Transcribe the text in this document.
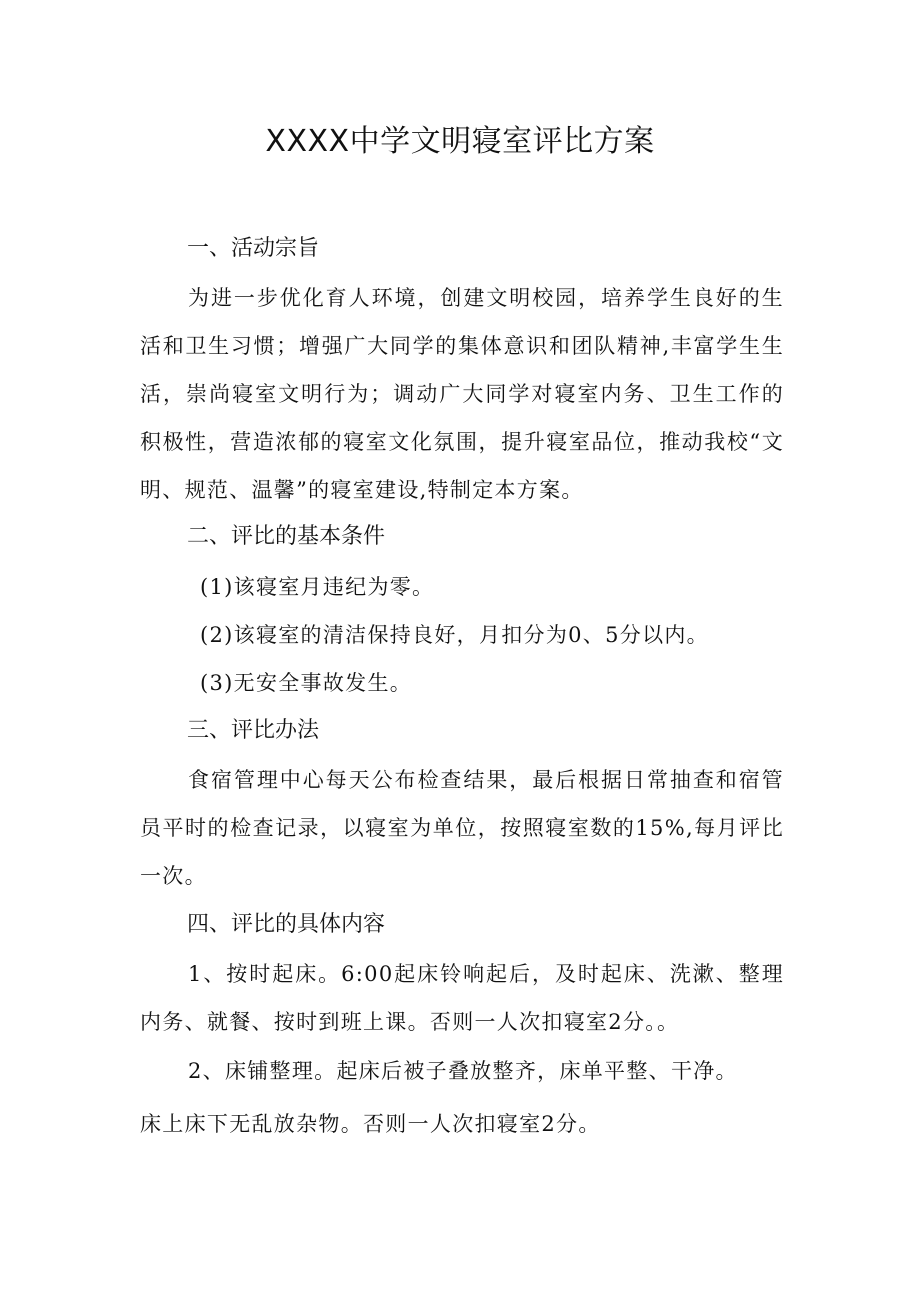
XXXX中学文明寝室评比方案
一、活动宗旨

为进一步优化育人环境，创建文明校园，培养学生良好的生活和卫生习惯；增强广大同学的集体意识和团队精神,丰富学生生活，崇尚寝室文明行为；调动广大同学对寝室内务、卫生工作的积极性，营造浓郁的寝室文化氛围，提升寝室品位，推动我校“文明、规范、温馨”的寝室建设,特制定本方案。

二、评比的基本条件

(1)该寝室月违纪为零。

(2)该寝室的清洁保持良好，月扣分为0、5分以内。

(3)无安全事故发生。

三、评比办法

食宿管理中心每天公布检查结果，最后根据日常抽查和宿管员平时的检查记录，以寝室为单位，按照寝室数的15%,每月评比一次。

四、评比的具体内容

1、按时起床。6:00起床铃响起后，及时起床、洗漱、整理内务、就餐、按时到班上课。否则一人次扣寝室2分。。

2、床铺整理。起床后被子叠放整齐，床单平整、干净。

床上床下无乱放杂物。否则一人次扣寝室2分。
